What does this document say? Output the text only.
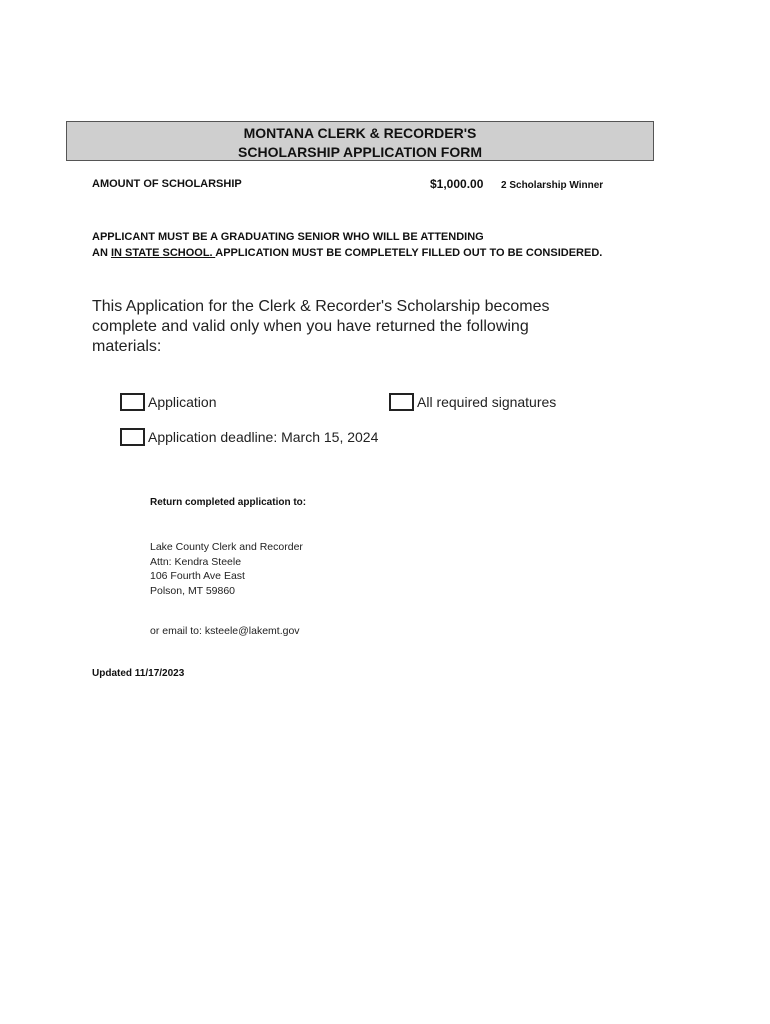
MONTANA CLERK & RECORDER'S
SCHOLARSHIP APPLICATION FORM
AMOUNT OF SCHOLARSHIP	$1,000.00 2 Scholarship Winner
APPLICANT MUST BE A GRADUATING SENIOR WHO WILL BE ATTENDING
AN IN STATE SCHOOL. APPLICATION MUST BE COMPLETELY FILLED OUT TO BE CONSIDERED.
This Application for the Clerk & Recorder's Scholarship becomes
complete and valid only when you have returned the following
materials:
Application	All required signatures
Application deadline: March 15, 2024
Return completed application to:
Lake County Clerk and Recorder
Attn: Kendra Steele
106 Fourth Ave East
Polson, MT 59860
or email to: ksteele@lakemt.gov
Updated 11/17/2023
